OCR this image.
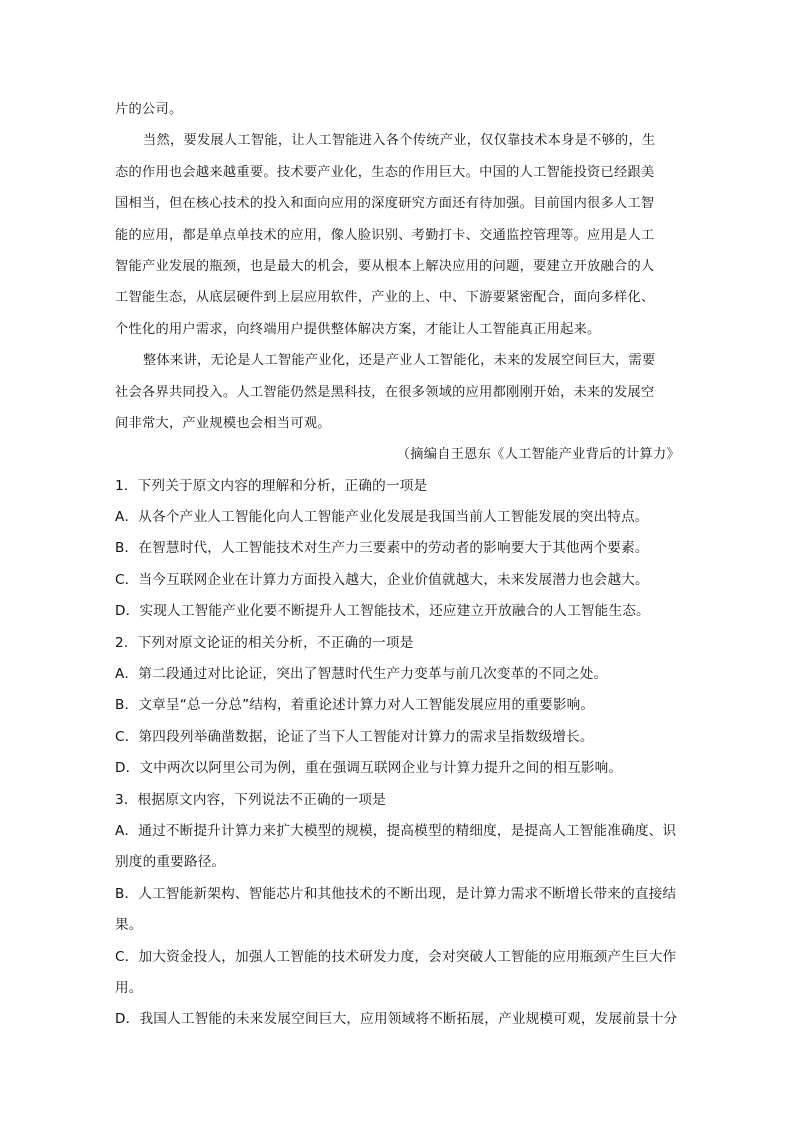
片的公司。
当然，要发展人工智能，让人工智能进入各个传统产业，仅仅靠技术本身是不够的，生
态的作用也会越来越重要。技术要产业化，生态的作用巨大。中国的人工智能投资已经跟美
国相当，但在核心技术的投入和面向应用的深度研究方面还有待加强。目前国内很多人工智
能的应用，都是单点单技术的应用，像人脸识别、考勤打卡、交通监控管理等。应用是人工
智能产业发展的瓶颈，也是最大的机会，要从根本上解决应用的问题，要建立开放融合的人
工智能生态，从底层硬件到上层应用软件，产业的上、中、下游要紧密配合，面向多样化、
个性化的用户需求，向终端用户提供整体解决方案，才能让人工智能真正用起来。
整体来讲，无论是人工智能产业化，还是产业人工智能化，未来的发展空间巨大，需要
社会各界共同投入。人工智能仍然是黑科技，在很多领域的应用都刚刚开始，未来的发展空
间非常大，产业规模也会相当可观。
（摘编自王恩东《人工智能产业背后的计算力》
1．下列关于原文内容的理解和分析，正确的一项是
A．从各个产业人工智能化向人工智能产业化发展是我国当前人工智能发展的突出特点。
B．在智慧时代，人工智能技术对生产力三要素中的劳动者的影响要大于其他两个要素。
C．当今互联网企业在计算力方面投入越大，企业价值就越大，未来发展潜力也会越大。
D．实现人工智能产业化要不断提升人工智能技术，还应建立开放融合的人工智能生态。
2．下列对原文论证的相关分析，不正确的一项是
A．第二段通过对比论证，突出了智慧时代生产力变革与前几次变革的不同之处。
B．文章呈“总一分总”结构，着重论述计算力对人工智能发展应用的重要影响。
C．第四段列举确凿数据，论证了当下人工智能对计算力的需求呈指数级增长。
D．文中两次以阿里公司为例，重在强调互联网企业与计算力提升之间的相互影响。
3．根据原文内容，下列说法不正确的一项是
A．通过不断提升计算力来扩大模型的规模，提高模型的精细度，是提高人工智能准确度、识
别度的重要路径。
B．人工智能新架构、智能芯片和其他技术的不断出现，是计算力需求不断增长带来的直接结
果。
C．加大资金投人，加强人工智能的技术研发力度，会对突破人工智能的应用瓶颈产生巨大作
用。
D．我国人工智能的未来发展空间巨大，应用领域将不断拓展，产业规模可观，发展前景十分
